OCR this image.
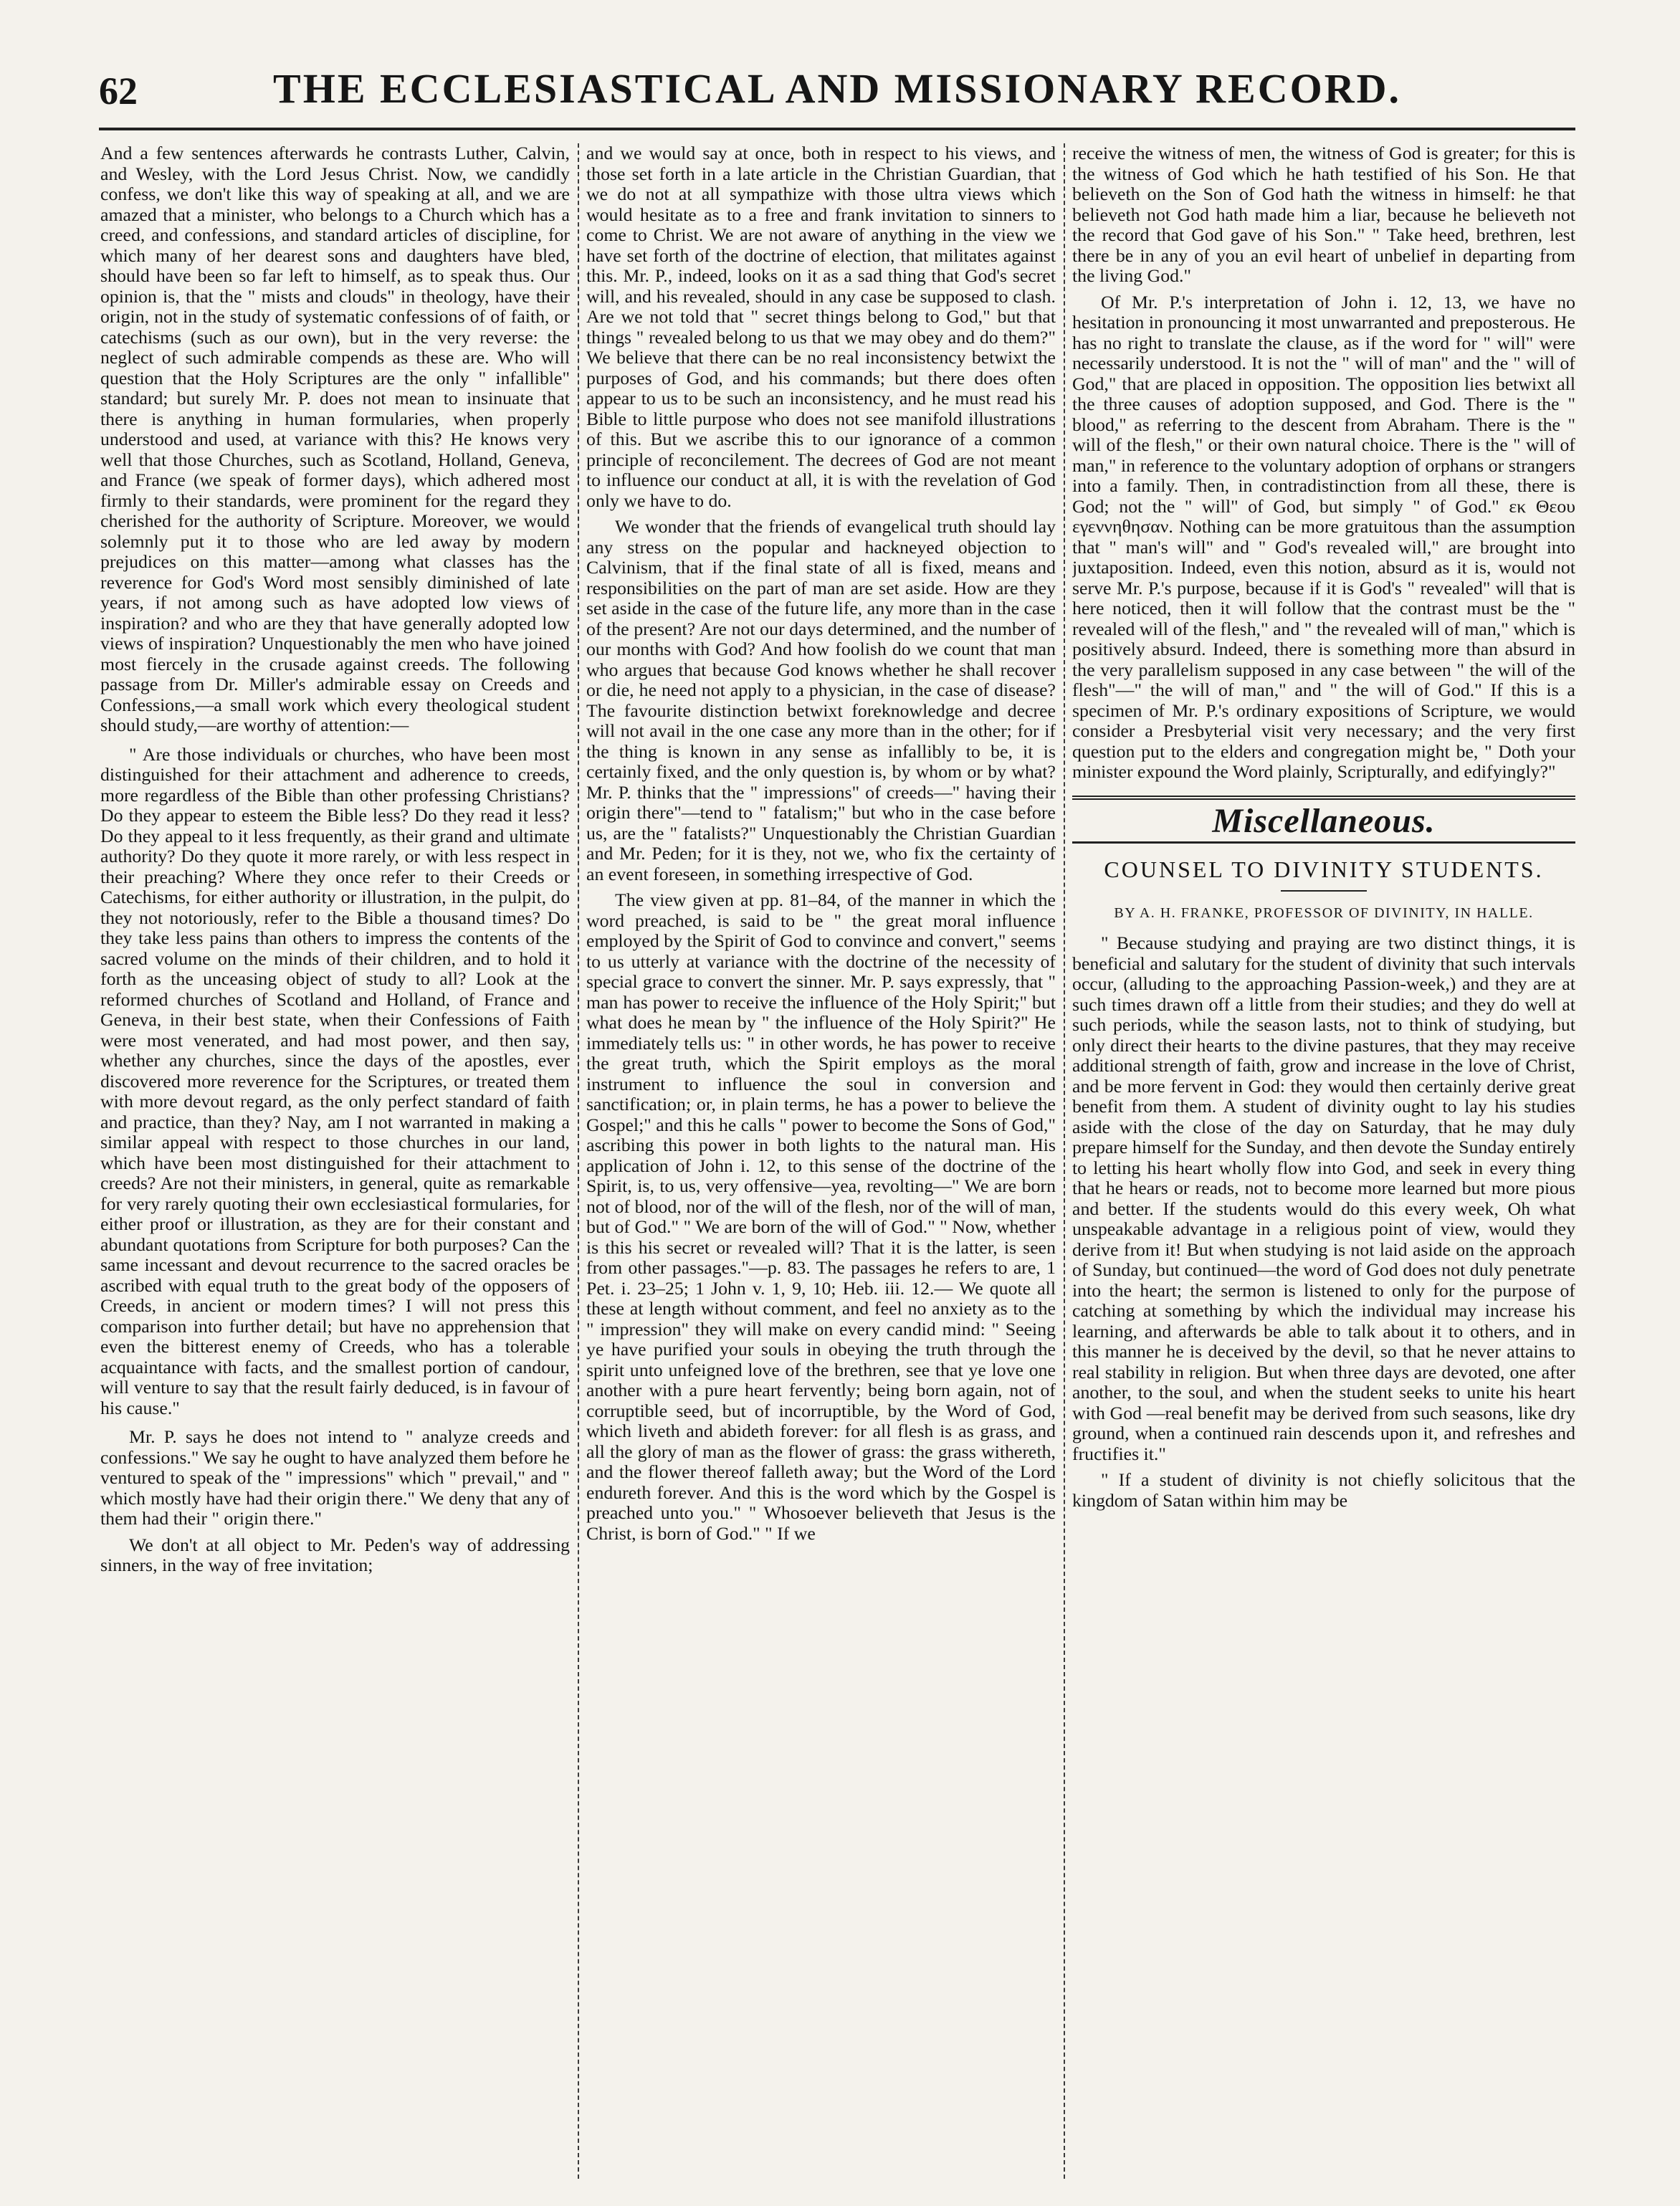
62	THE ECCLESIASTICAL AND MISSIONARY RECORD.

And a few sentences afterwards he contrasts Luther, Calvin, and Wesley, with the Lord Jesus Christ. Now, we candidly confess, we don't like this way of speaking at all, and we are amazed that a minister, who belongs to a Church which has a creed, and confessions, and standard articles of discipline, for which many of her dearest sons and daughters have bled, should have been so far left to himself, as to speak thus. Our opinion is, that the " mists and clouds" in theology, have their origin, not in the study of systematic confessions of of faith, or catechisms (such as our own), but in the very reverse: the neglect of such admirable compends as these are. Who will question that the Holy Scriptures are the only " infallible" standard; but surely Mr. P. does not mean to insinuate that there is anything in human formularies, when properly understood and used, at variance with this? He knows very well that those Churches, such as Scotland, Holland, Geneva, and France (we speak of former days), which adhered most firmly to their standards, were prominent for the regard they cherished for the authority of Scripture. Moreover, we would solemnly put it to those who are led away by modern prejudices on this matter—among what classes has the reverence for God's Word most sensibly diminished of late years, if not among such as have adopted low views of inspiration? and who are they that have generally adopted low views of inspiration? Unquestionably the men who have joined most fiercely in the crusade against creeds. The following passage from Dr. Miller's admirable essay on Creeds and Confessions,—a small work which every theological student should study,—are worthy of attention:—

" Are those individuals or churches, who have been most distinguished for their attachment and adherence to creeds, more regardless of the Bible than other professing Christians? Do they appear to esteem the Bible less? Do they read it less? Do they appeal to it less frequently, as their grand and ultimate authority? Do they quote it more rarely, or with less respect in their preaching? Where they once refer to their Creeds or Catechisms, for either authority or illustration, in the pulpit, do they not notoriously, refer to the Bible a thousand times? Do they take less pains than others to impress the contents of the sacred volume on the minds of their children, and to hold it forth as the unceasing object of study to all? Look at the reformed churches of Scotland and Holland, of France and Geneva, in their best state, when their Confessions of Faith were most venerated, and had most power, and then say, whether any churches, since the days of the apostles, ever discovered more reverence for the Scriptures, or treated them with more devout regard, as the only perfect standard of faith and practice, than they? Nay, am I not warranted in making a similar appeal with respect to those churches in our land, which have been most distinguished for their attachment to creeds? Are not their ministers, in general, quite as remarkable for very rarely quoting their own ecclesiastical formularies, for either proof or illustration, as they are for their constant and abundant quotations from Scripture for both purposes? Can the same incessant and devout recurrence to the sacred oracles be ascribed with equal truth to the great body of the opposers of Creeds, in ancient or modern times? I will not press this comparison into further detail; but have no apprehension that even the bitterest enemy of Creeds, who has a tolerable acquaintance with facts, and the smallest portion of candour, will venture to say that the result fairly deduced, is in favour of his cause."

Mr. P. says he does not intend to " analyze creeds and confessions." We say he ought to have analyzed them before he ventured to speak of the " impressions" which " prevail," and " which mostly have had their origin there." We deny that any of them had their " origin there."

We don't at all object to Mr. Peden's way of addressing sinners, in the way of free invitation;

and we would say at once, both in respect to his views, and those set forth in a late article in the Christian Guardian, that we do not at all sympathize with those ultra views which would hesitate as to a free and frank invitation to sinners to come to Christ. We are not aware of anything in the view we have set forth of the doctrine of election, that militates against this. Mr. P., indeed, looks on it as a sad thing that God's secret will, and his revealed, should in any case be supposed to clash. Are we not told that " secret things belong to God," but that things " revealed belong to us that we may obey and do them?" We believe that there can be no real inconsistency betwixt the purposes of God, and his commands; but there does often appear to us to be such an inconsistency, and he must read his Bible to little purpose who does not see manifold illustrations of this. But we ascribe this to our ignorance of a common principle of reconcilement. The decrees of God are not meant to influence our conduct at all, it is with the revelation of God only we have to do.

We wonder that the friends of evangelical truth should lay any stress on the popular and hackneyed objection to Calvinism, that if the final state of all is fixed, means and responsibilities on the part of man are set aside. How are they set aside in the case of the future life, any more than in the case of the present? Are not our days determined, and the number of our months with God? And how foolish do we count that man who argues that because God knows whether he shall recover or die, he need not apply to a physician, in the case of disease? The favourite distinction betwixt foreknowledge and decree will not avail in the one case any more than in the other; for if the thing is known in any sense as infallibly to be, it is certainly fixed, and the only question is, by whom or by what? Mr. P. thinks that the " impressions" of creeds—" having their origin there"—tend to " fatalism;" but who in the case before us, are the " fatalists?" Unquestionably the Christian Guardian and Mr. Peden; for it is they, not we, who fix the certainty of an event foreseen, in something irrespective of God.

The view given at pp. 81–84, of the manner in which the word preached, is said to be " the great moral influence employed by the Spirit of God to convince and convert," seems to us utterly at variance with the doctrine of the necessity of special grace to convert the sinner. Mr. P. says expressly, that " man has power to receive the influence of the Holy Spirit;" but what does he mean by " the influence of the Holy Spirit?" He immediately tells us: " in other words, he has power to receive the great truth, which the Spirit employs as the moral instrument to influence the soul in conversion and sanctification; or, in plain terms, he has a power to believe the Gospel;" and this he calls " power to become the Sons of God," ascribing this power in both lights to the natural man. His application of John i. 12, to this sense of the doctrine of the Spirit, is, to us, very offensive—yea, revolting—" We are born not of blood, nor of the will of the flesh, nor of the will of man, but of God." " We are born of the will of God." " Now, whether is this his secret or revealed will? That it is the latter, is seen from other passages."—p. 83. The passages he refers to are, 1 Pet. i. 23–25; 1 John v. 1, 9, 10; Heb. iii. 12.— We quote all these at length without comment, and feel no anxiety as to the " impression" they will make on every candid mind: " Seeing ye have purified your souls in obeying the truth through the spirit unto unfeigned love of the brethren, see that ye love one another with a pure heart fervently; being born again, not of corruptible seed, but of incorruptible, by the Word of God, which liveth and abideth forever: for all flesh is as grass, and all the glory of man as the flower of grass: the grass withereth, and the flower thereof falleth away; but the Word of the Lord endureth forever. And this is the word which by the Gospel is preached unto you." " Whosoever believeth that Jesus is the Christ, is born of God." " If we

receive the witness of men, the witness of God is greater; for this is the witness of God which he hath testified of his Son. He that believeth on the Son of God hath the witness in himself: he that believeth not God hath made him a liar, because he believeth not the record that God gave of his Son." " Take heed, brethren, lest there be in any of you an evil heart of unbelief in departing from the living God."

Of Mr. P.'s interpretation of John i. 12, 13, we have no hesitation in pronouncing it most unwarranted and preposterous. He has no right to translate the clause, as if the word for " will" were necessarily understood. It is not the " will of man" and the " will of God," that are placed in opposition. The opposition lies betwixt all the three causes of adoption supposed, and God. There is the " blood," as referring to the descent from Abraham. There is the " will of the flesh," or their own natural choice. There is the " will of man," in reference to the voluntary adoption of orphans or strangers into a family. Then, in contradistinction from all these, there is God; not the " will" of God, but simply " of God." εκ Θεου εγεννηθησαν. Nothing can be more gratuitous than the assumption that " man's will" and " God's revealed will," are brought into juxtaposition. Indeed, even this notion, absurd as it is, would not serve Mr. P.'s purpose, because if it is God's " revealed" will that is here noticed, then it will follow that the contrast must be the " revealed will of the flesh," and " the revealed will of man," which is positively absurd. Indeed, there is something more than absurd in the very parallelism supposed in any case between " the will of the flesh"—" the will of man," and " the will of God." If this is a specimen of Mr. P.'s ordinary expositions of Scripture, we would consider a Presbyterial visit very necessary; and the very first question put to the elders and congregation might be, " Doth your minister expound the Word plainly, Scripturally, and edifyingly?"

Miscellaneous.
COUNSEL TO DIVINITY STUDENTS.
BY A. H. FRANKE, PROFESSOR OF DIVINITY, IN HALLE.

" Because studying and praying are two distinct things, it is beneficial and salutary for the student of divinity that such intervals occur, (alluding to the approaching Passion-week,) and they are at such times drawn off a little from their studies; and they do well at such periods, while the season lasts, not to think of studying, but only direct their hearts to the divine pastures, that they may receive additional strength of faith, grow and increase in the love of Christ, and be more fervent in God: they would then certainly derive great benefit from them. A student of divinity ought to lay his studies aside with the close of the day on Saturday, that he may duly prepare himself for the Sunday, and then devote the Sunday entirely to letting his heart wholly flow into God, and seek in every thing that he hears or reads, not to become more learned but more pious and better. If the students would do this every week, Oh what unspeakable advantage in a religious point of view, would they derive from it! But when studying is not laid aside on the approach of Sunday, but continued—the word of God does not duly penetrate into the heart; the sermon is listened to only for the purpose of catching at something by which the individual may increase his learning, and afterwards be able to talk about it to others, and in this manner he is deceived by the devil, so that he never attains to real stability in religion. But when three days are devoted, one after another, to the soul, and when the student seeks to unite his heart with God —real benefit may be derived from such seasons, like dry ground, when a continued rain descends upon it, and refreshes and fructifies it."

" If a student of divinity is not chiefly solicitous that the kingdom of Satan within him may be
